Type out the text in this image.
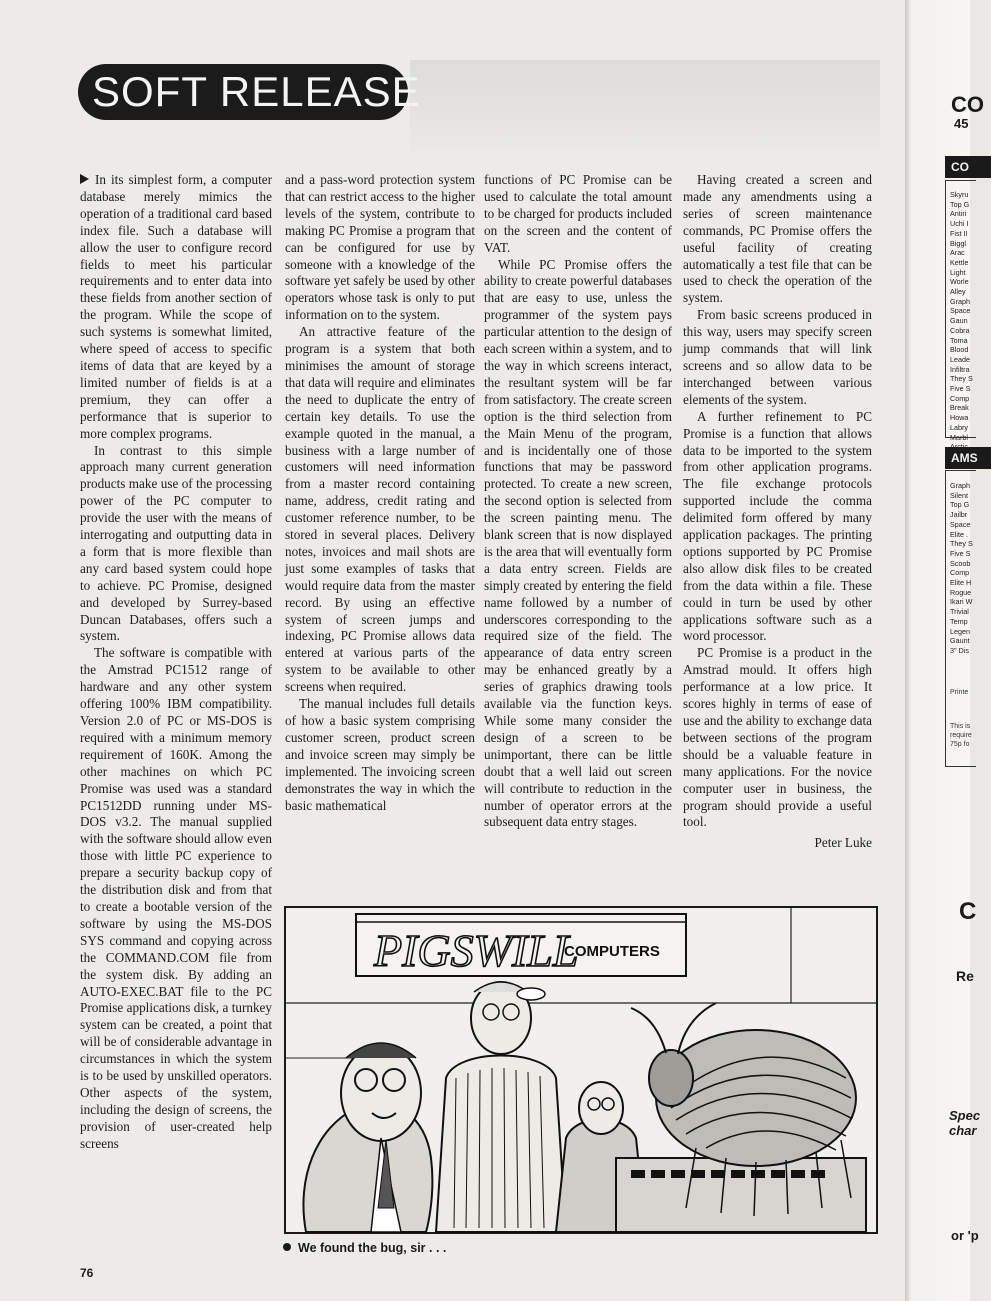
SOFT RELEASE

In its simplest form, a computer database merely mimics the operation of a traditional card based index file. Such a database will allow the user to configure record fields to meet his particular requirements and to enter data into these fields from another section of the program. While the scope of such systems is somewhat limited, where speed of access to specific items of data that are keyed by a limited number of fields is at a premium, they can offer a performance that is superior to more complex programs.

In contrast to this simple approach many current generation products make use of the processing power of the PC computer to provide the user with the means of interrogating and outputting data in a form that is more flexible than any card based system could hope to achieve. PC Promise, designed and developed by Surrey-based Duncan Databases, offers such a system.

The software is compatible with the Amstrad PC1512 range of hardware and any other system offering 100% IBM compatibility. Version 2.0 of PC or MS-DOS is required with a minimum memory requirement of 160K. Among the other machines on which PC Promise was used was a standard PC1512DD running under MS-DOS v3.2. The manual supplied with the software should allow even those with little PC experience to prepare a security backup copy of the distribution disk and from that to create a bootable version of the software by using the MS-DOS SYS command and copying across the COMMAND.COM file from the system disk. By adding an AUTO-EXEC.BAT file to the PC Promise applications disk, a turnkey system can be created, a point that will be of considerable advantage in circumstances in which the system is to be used by unskilled operators. Other aspects of the system, including the design of screens, the provision of user-created help screens

and a pass-word protection system that can restrict access to the higher levels of the system, contribute to making PC Promise a program that can be configured for use by someone with a knowledge of the software yet safely be used by other operators whose task is only to put information on to the system.

An attractive feature of the program is a system that both minimises the amount of storage that data will require and eliminates the need to duplicate the entry of certain key details. To use the example quoted in the manual, a business with a large number of customers will need information from a master record containing name, address, credit rating and customer reference number, to be stored in several places. Delivery notes, invoices and mail shots are just some examples of tasks that would require data from the master record. By using an effective system of screen jumps and indexing, PC Promise allows data entered at various parts of the system to be available to other screens when required.

The manual includes full details of how a basic system comprising customer screen, product screen and invoice screen may simply be implemented. The invoicing screen demonstrates the way in which the basic mathematical

functions of PC Promise can be used to calculate the total amount to be charged for products included on the screen and the content of VAT.

While PC Promise offers the ability to create powerful databases that are easy to use, unless the programmer of the system pays particular attention to the design of each screen within a system, and to the way in which screens interact, the resultant system will be far from satisfactory. The create screen option is the third selection from the Main Menu of the program, and is incidentally one of those functions that may be password protected. To create a new screen, the second option is selected from the screen painting menu. The blank screen that is now displayed is the area that will eventually form a data entry screen. Fields are simply created by entering the field name followed by a number of underscores corresponding to the required size of the field. The appearance of data entry screen may be enhanced greatly by a series of graphics drawing tools available via the function keys. While some many consider the design of a screen to be unimportant, there can be little doubt that a well laid out screen will contribute to reduction in the number of operator errors at the subsequent data entry stages.

Having created a screen and made any amendments using a series of screen maintenance commands, PC Promise offers the useful facility of creating automatically a test file that can be used to check the operation of the system.

From basic screens produced in this way, users may specify screen jump commands that will link screens and so allow data to be interchanged between various elements of the system.

A further refinement to PC Promise is a function that allows data to be imported to the system from other application programs. The file exchange protocols supported include the comma delimited form offered by many application packages. The printing options supported by PC Promise also allow disk files to be created from the data within a file. These could in turn be used by other applications software such as a word processor.

PC Promise is a product in the Amstrad mould. It offers high performance at a low price. It scores highly in terms of ease of use and the ability to exchange data between sections of the program should be a valuable feature in many applications. For the novice computer user in business, the program should provide a useful tool.

Peter Luke
PIGSWILL
COMPUTERS
We found the bug, sir . . .
76
CO
45
CO
Skyru
Top G
Antiri
Uchi I
Fist II
Biggl
Arac
Kettle
Light
Worle
Alley
Graph
Space
Gaun
Cobra
Toma
Blood
Leade
Infiltra
They S
Five S
Comp
Break
Howa
Labry
Marbl
AMS
Graph
Silent
Top G
Jailbr
Space
Elite .
They S
Five S
Scoob
Comp
Elite H
Rogue
Ikari W
Trivial
Temp
Legen
Gaunt
3" Dis
Printe
This is
require
75p fo
C
Re
Spec
char
or 'p
